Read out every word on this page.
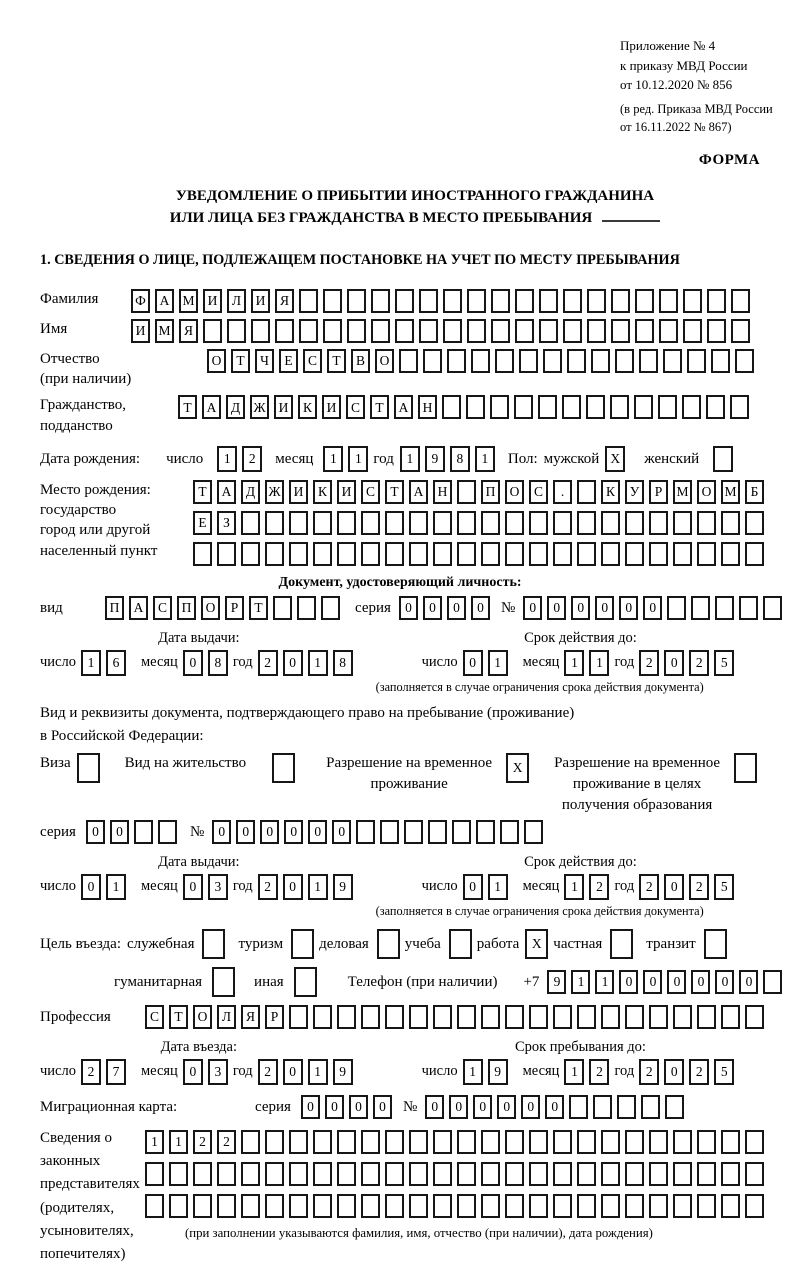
Приложение № 4
к приказу МВД России
от 10.12.2020 № 856
(в ред. Приказа МВД России
от 16.11.2022 № 867)
ФОРМА
УВЕДОМЛЕНИЕ О ПРИБЫТИИ ИНОСТРАННОГО ГРАЖДАНИНА
ИЛИ ЛИЦА БЕЗ ГРАЖДАНСТВА В МЕСТО ПРЕБЫВАНИЯ
1. СВЕДЕНИЯ О ЛИЦЕ, ПОДЛЕЖАЩЕМ ПОСТАНОВКЕ НА УЧЕТ ПО МЕСТУ ПРЕБЫВАНИЯ
Фамилия	Ф	А М И	Л	И	Я
Имя	И М Я
Отчество
(при наличии)
О	Т	Ч	Е	С	Т	В	О
Гражданство,
подданство
Т	А	Д Ж И	К	И	С	Т	А	Н
Дата рождения: число	1	2	месяц	1	1 год 1	9	8	1	Пол: мужской X	женский
Место рождения:
государство
город или другой
населенный пункт
Т	А	Д Ж И	К	И	С	Т	А	Н	П	О	С	.	К	У	Р	М О М	Б
Е	З
Документ, удостоверяющий личность:
вид	П	А	С	П	О	Р	Т	серия	0	0	0	0	№	0	0	0	0	0	0
Дата выдачи:
число 1	6	месяц 0	8 год 2	0	1	8
Срок действия до:
число 0	1	месяц 1	1 год 2	0	2	5
(заполняется в случае ограничения срока действия документа)
Вид и реквизиты документа, подтверждающего право на пребывание (проживание)
в Российской Федерации:
Виза	Вид на жительство	Разрешение на временное
проживание
X	Разрешение на временное
проживание в целях
получения образования
серия	0	0	№	0	0	0	0	0	0
Дата выдачи:
число 0	1	месяц 0	3 год 2	0	1	9
Срок действия до:
число 0	1	месяц 1	2 год 2	0	2	5
(заполняется в случае ограничения срока действия документа)
Цель въезда: служебная	туризм деловая учеба работа X частная	транзит
гуманитарная	иная	Телефон (при наличии) +7	9	1	1	0	0	0	0	0	0
Профессия	С	Т	О	Л	Я	Р
Дата въезда:
число 2	7	месяц 0	3 год 2	0	1	9
Срок пребывания до:
число 1	9	месяц 1	2 год 2	0	2	5
Миграционная карта:	серия	0	0	0	0	№	0	0	0	0	0	0
Сведения о
законных
представителях
(родителях,
усыновителях,
попечителях)
1	1	2	2
(при заполнении указываются фамилия, имя, отчество (при наличии), дата рождения)
